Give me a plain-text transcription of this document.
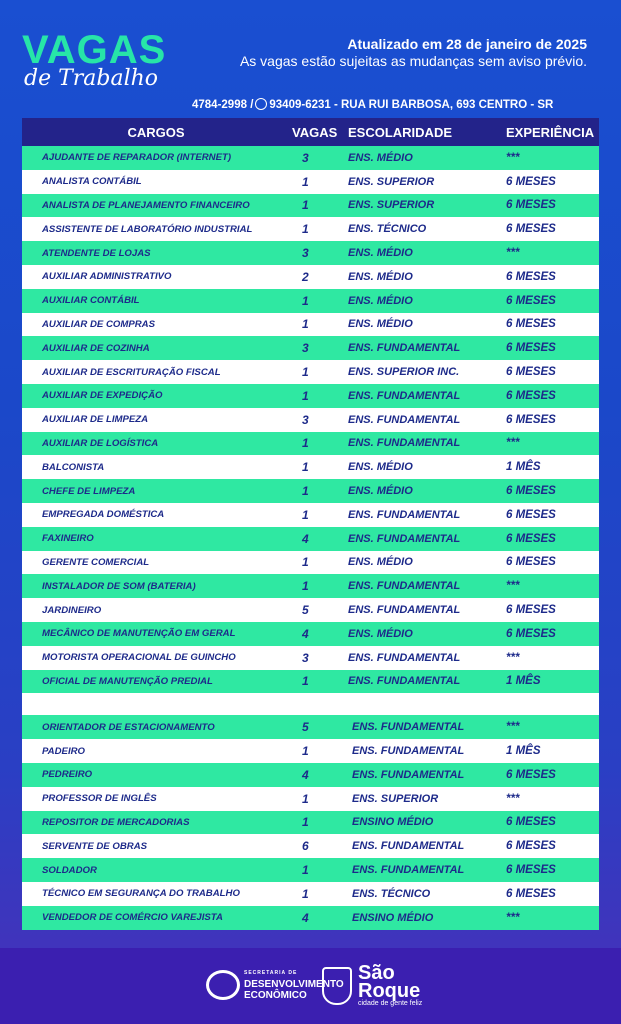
VAGAS
de Trabalho
Atualizado em 28 de janeiro de 2025
As vagas estão sujeitas as mudanças sem aviso prévio.
4784-2998 / 93409-6231 - RUA RUI BARBOSA, 693 CENTRO - SR
CARGOS	VAGAS ESCOLARIDADE	EXPERIÊNCIA
AJUDANTE DE REPARADOR (INTERNET)	3	ENS. MÉDIO	***
ANALISTA CONTÁBIL	1	ENS. SUPERIOR	6 MESES
ANALISTA DE PLANEJAMENTO FINANCEIRO	1	ENS. SUPERIOR	6 MESES
ASSISTENTE DE LABORATÓRIO INDUSTRIAL	1	ENS. TÉCNICO	6 MESES
ATENDENTE DE LOJAS	3	ENS. MÉDIO	***
AUXILIAR ADMINISTRATIVO	2	ENS. MÉDIO	6 MESES
AUXILIAR CONTÁBIL	1	ENS. MÉDIO	6 MESES
AUXILIAR DE COMPRAS	1	ENS. MÉDIO	6 MESES
AUXILIAR DE COZINHA	3	ENS. FUNDAMENTAL	6 MESES
AUXILIAR DE ESCRITURAÇÃO FISCAL	1	ENS. SUPERIOR INC.	6 MESES
AUXILIAR DE EXPEDIÇÃO	1	ENS. FUNDAMENTAL	6 MESES
AUXILIAR DE LIMPEZA	3	ENS. FUNDAMENTAL	6 MESES
AUXILIAR DE LOGÍSTICA	1	ENS. FUNDAMENTAL	***
BALCONISTA	1	ENS. MÉDIO	1 MÊS
CHEFE DE LIMPEZA	1	ENS. MÉDIO	6 MESES
EMPREGADA DOMÉSTICA	1	ENS. FUNDAMENTAL	6 MESES
FAXINEIRO	4	ENS. FUNDAMENTAL	6 MESES
GERENTE COMERCIAL	1	ENS. MÉDIO	6 MESES
INSTALADOR DE SOM (BATERIA)	1	ENS. FUNDAMENTAL	***
JARDINEIRO	5	ENS. FUNDAMENTAL	6 MESES
MECÂNICO DE MANUTENÇÃO EM GERAL	4	ENS. MÉDIO	6 MESES
MOTORISTA OPERACIONAL DE GUINCHO	3	ENS. FUNDAMENTAL	***
OFICIAL DE MANUTENÇÃO PREDIAL	1	ENS. FUNDAMENTAL	1 MÊS
ORIENTADOR DE ESTACIONAMENTO	5	ENS. FUNDAMENTAL	***
PADEIRO	1	ENS. FUNDAMENTAL	1 MÊS
PEDREIRO	4	ENS. FUNDAMENTAL	6 MESES
PROFESSOR DE INGLÊS	1	ENS. SUPERIOR	***
REPOSITOR DE MERCADORIAS	1	ENSINO MÉDIO	6 MESES
SERVENTE DE OBRAS	6	ENS. FUNDAMENTAL	6 MESES
SOLDADOR	1	ENS. FUNDAMENTAL	6 MESES
TÉCNICO EM SEGURANÇA DO TRABALHO	1	ENS. TÉCNICO	6 MESES
VENDEDOR DE COMÉRCIO VAREJISTA	4	ENSINO MÉDIO	***
SECRETARIA DE
DESENVOLVIMENTO
ECONÔMICO
São
Roque
cidade de gente feliz
